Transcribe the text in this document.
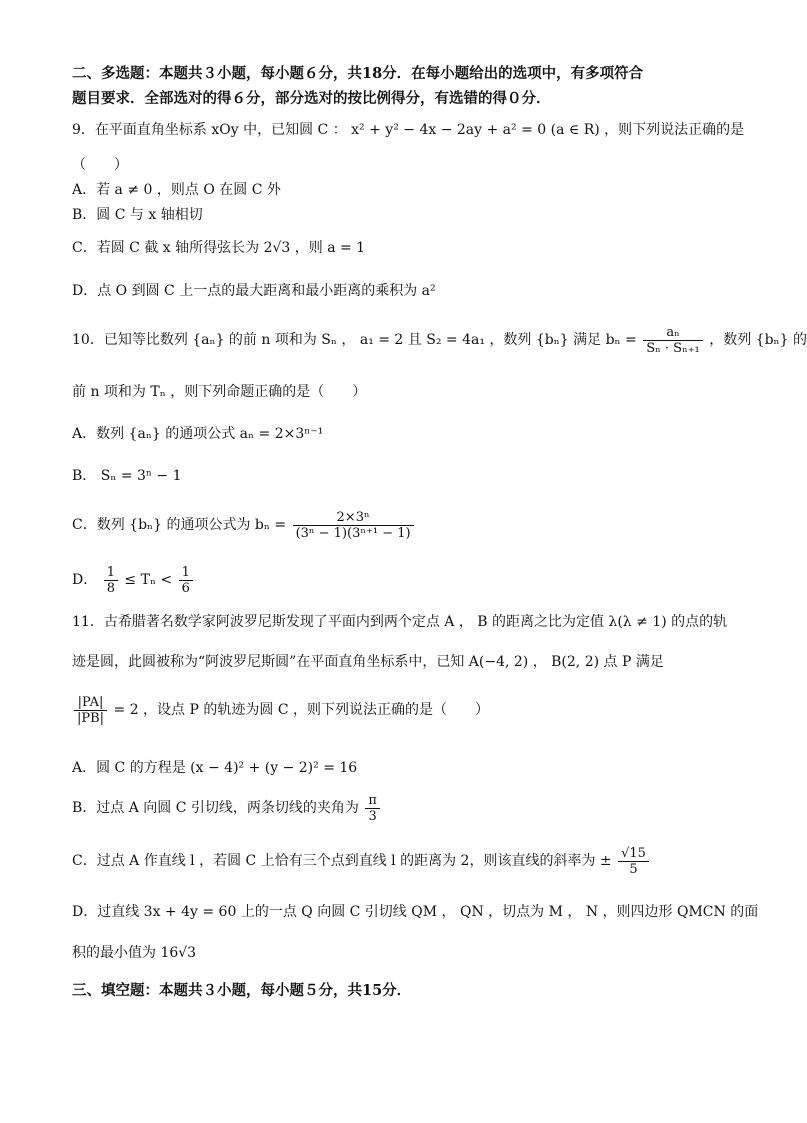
二、多选题：本题共３小题，每小题６分，共18分．在每小题给出的选项中，有多项符合
题目要求．全部选对的得６分，部分选对的按比例得分，有选错的得０分．
9．在平面直角坐标系 xOy 中，已知圆 C ： x² + y² − 4x − 2ay + a² = 0 (a ∈ R) ，则下列说法正确的是
（　　）
A．若 a ≠ 0 ，则点 O 在圆 C 外
B．圆 C 与 x 轴相切
C．若圆 C 截 x 轴所得弦长为 2√3 ，则 a = 1
D．点 O 到圆 C 上一点的最大距离和最小距离的乘积为 a²
10．已知等比数列 {aₙ} 的前 n 项和为 Sₙ ， a₁ = 2 且 S₂ = 4a₁ ，数列 {bₙ} 满足 $b_n = \frac{\text{aₙ}}{\text{Sₙ · Sₙ₊₁}}$ ，数列 {bₙ} 的
前 n 项和为 Tₙ ，则下列命题正确的是（　　）
A．数列 {aₙ} 的通项公式 aₙ = 2×3ⁿ⁻¹
B． Sₙ = 3ⁿ − 1
C．数列 {bₙ} 的通项公式为 $b_n = \frac{\text{2×3ⁿ}}{\text{(3ⁿ − 1)(3ⁿ⁺¹ − 1)}}$
D． $\frac{1}{8} \le T_n < \frac{1}{6}$
11．古希腊著名数学家阿波罗尼斯发现了平面内到两个定点 A ， B 的距离之比为定值 λ(λ ≠ 1) 的点的轨
迹是圆，此圆被称为“阿波罗尼斯圆”在平面直角坐标系中，已知 A(−4, 2) ， B(2, 2) 点 P 满足
$\frac{|PA|}{|PB|} = 2$ ，设点 P 的轨迹为圆 C ，则下列说法正确的是（　　）
A．圆 C 的方程是 (x − 4)² + (y − 2)² = 16
B．过点 A 向圆 C 引切线，两条切线的夹角为 $\frac{\pi}{3}$
C．过点 A 作直线 l ，若圆 C 上恰有三个点到直线 l 的距离为 2，则该直线的斜率为 ± $\frac{√15}{5}$
D．过直线 3x + 4y = 60 上的一点 Q 向圆 C 引切线 QM ， QN ，切点为 M ， N ，则四边形 QMCN 的面
积的最小值为 16√3
三、填空题：本题共３小题，每小题５分，共15分．
